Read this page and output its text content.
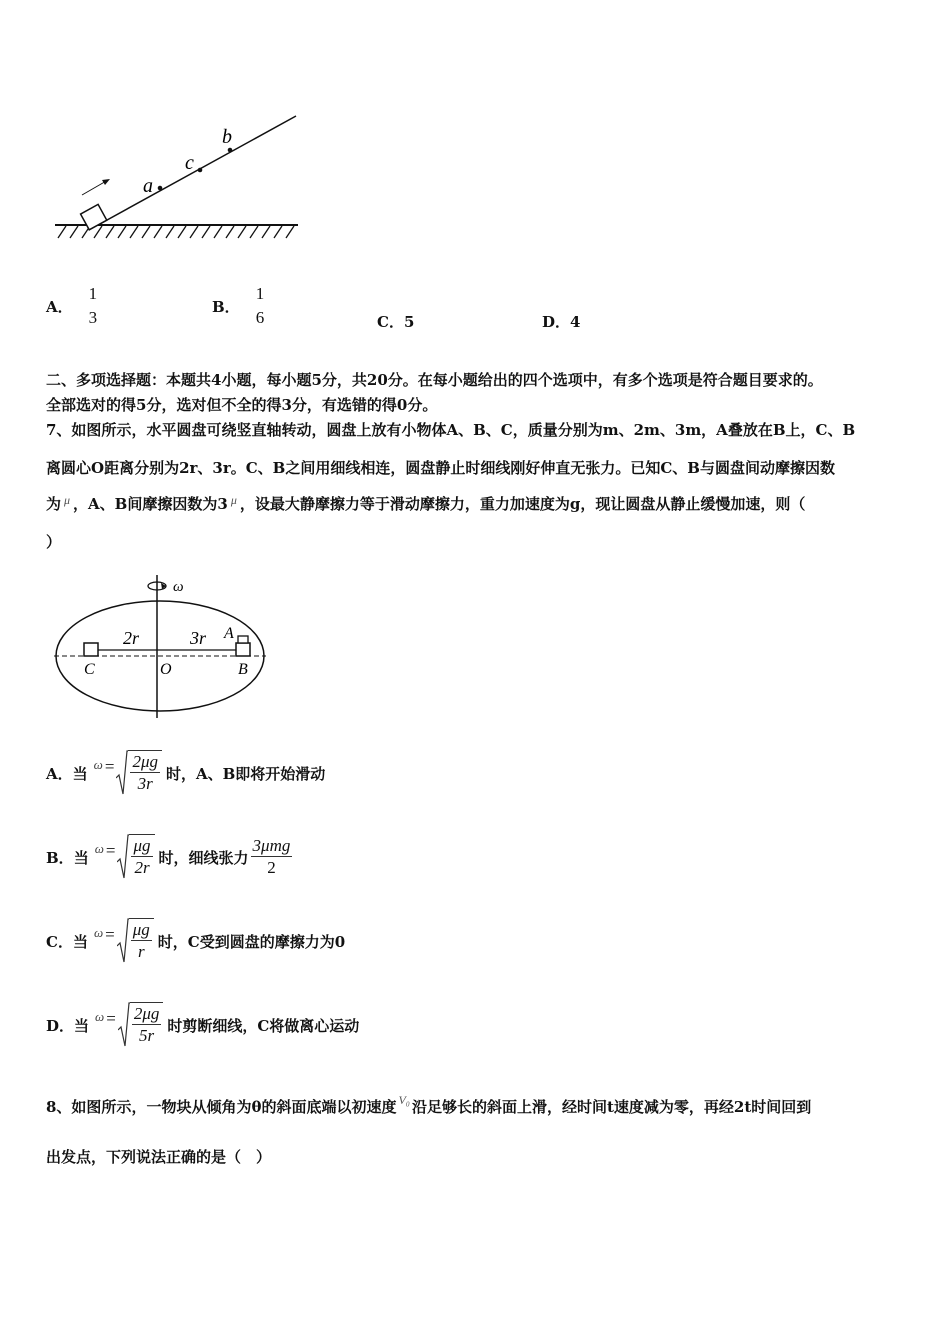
a
c
b
A．
1
3
B．
1
6	C． 5	D． 4
二、多项选择题：本题共4小题，每小题5分，共20分。在每小题给出的四个选项中，有多个选项是符合题目要求的。
全部选对的得5分，选对但不全的得3分，有选错的得0分。
7、如图所示，水平圆盘可绕竖直轴转动，圆盘上放有小物体A、B、C，质量分别为m、2m、3m，A叠放在B上，C、B
离圆心O距离分别为2r、3r。C、B之间用细线相连，圆盘静止时细线刚好伸直无张力。已知C、B与圆盘间动摩擦因数
为 $^\mu$ ，A、B间摩擦因数为3 $^\mu$ ，设最大静摩擦力等于滑动摩擦力，重力加速度为g，现让圆盘从静止缓慢加速，则（
）
ω
2r	3r A
C	O	B
A． 当 $\omega = \frac{2\mu g}{3r}$ 时，A、B即将开始滑动
B． 当 $\omega = \frac{\mu g}{2r}$ 时，细线张力 $\frac{\text{3μmg}}{2}$
C． 当 $\omega = \frac{\mu g}{r}$ 时，C受到圆盘的摩擦力为0
D． 当 $\omega = \frac{2\mu g}{5r}$ 时剪断细线，C将做离心运动
8、如图所示，一物块从倾角为θ的斜面底端以初速度 $^{V_0}$ 沿足够长的斜面上滑，经时间t速度减为零，再经2t时间回到
出发点，下列说法正确的是（　）
